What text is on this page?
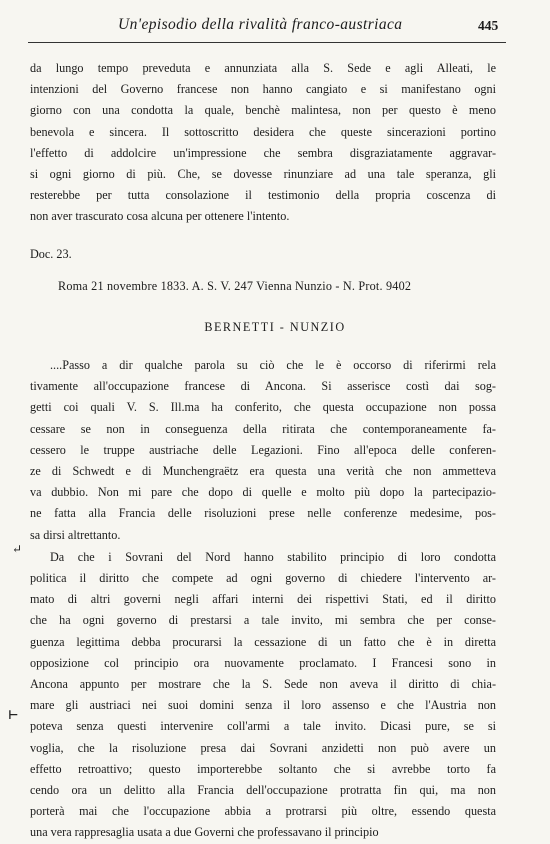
Un'episodio della rivalità franco-austriaca	445

da lungo tempo preveduta e annunziata alla S. Sede e agli Alleati, le
intenzioni del Governo francese non hanno cangiato e si manifestano ogni
giorno con una condotta la quale, benchè malintesa, non per questo è meno
benevola e sincera. Il sottoscritto desidera che queste sincerazioni portino
l'effetto di addolcire un'impressione che sembra disgraziatamente aggravar-
si ogni giorno di più. Che, se dovesse rinunziare ad una tale speranza, gli
resterebbe per tutta consolazione il testimonio della propria coscenza di
non aver trascurato cosa alcuna per ottenere l'intento.

Doc. 23.
Roma 21 novembre 1833. A. S. V. 247 Vienna Nunzio - N. Prot. 9402
BERNETTI - NUNZIO

....Passo a dir qualche parola su ciò che le è occorso di riferirmi rela
tivamente all'occupazione francese di Ancona. Si asserisce costì dai sog-
getti coi quali V. S. Ill.ma ha conferito, che questa occupazione non possa
cessare se non in conseguenza della ritirata che contemporaneamente fa-
cessero le truppe austriache delle Legazioni. Fino all'epoca delle conferen-
ze di Schwedt e di Munchengraëtz era questa una verità che non ammetteva
va dubbio. Non mi pare che dopo di quelle e molto più dopo la partecipazio-
ne fatta alla Francia delle risoluzioni prese nelle conferenze medesime, pos-
sa dirsi altrettanto.

Da che i Sovrani del Nord hanno stabilito principio di loro condotta
politica il diritto che compete ad ogni governo di chiedere l'intervento ar-
mato di altri governi negli affari interni dei rispettivi Stati, ed il diritto
che ha ogni governo di prestarsi a tale invito, mi sembra che per conse-
guenza legittima debba procurarsi la cessazione di un fatto che è in diretta
opposizione col principio ora nuovamente proclamato. I Francesi sono in
Ancona appunto per mostrare che la S. Sede non aveva il diritto di chia-
mare gli austriaci nei suoi domini senza il loro assenso e che l'Austria non
poteva senza questi intervenire coll'armi a tale invito. Dicasi pure, se si
voglia, che la risoluzione presa dai Sovrani anzidetti non può avere un
effetto retroattivo; questo importerebbe soltanto che si avrebbe torto fa
cendo ora un delitto alla Francia dell'occupazione protratta fin qui, ma non
porterà mai che l'occupazione abbia a protrarsi più oltre, essendo questa
una vera rappresaglia usata a due Governi che professavano il principio

↵
⊢
